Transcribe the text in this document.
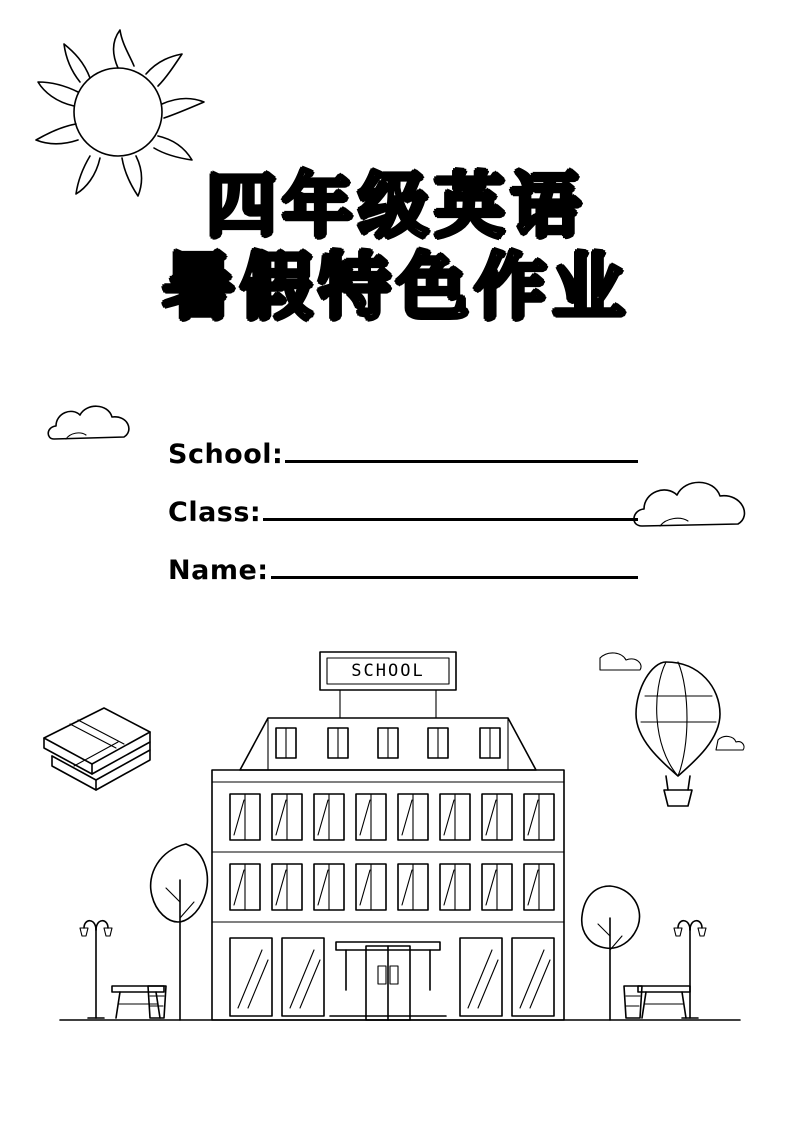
四年级英语
暑假特色作业
School:
Class:
Name:
SCHOOL
